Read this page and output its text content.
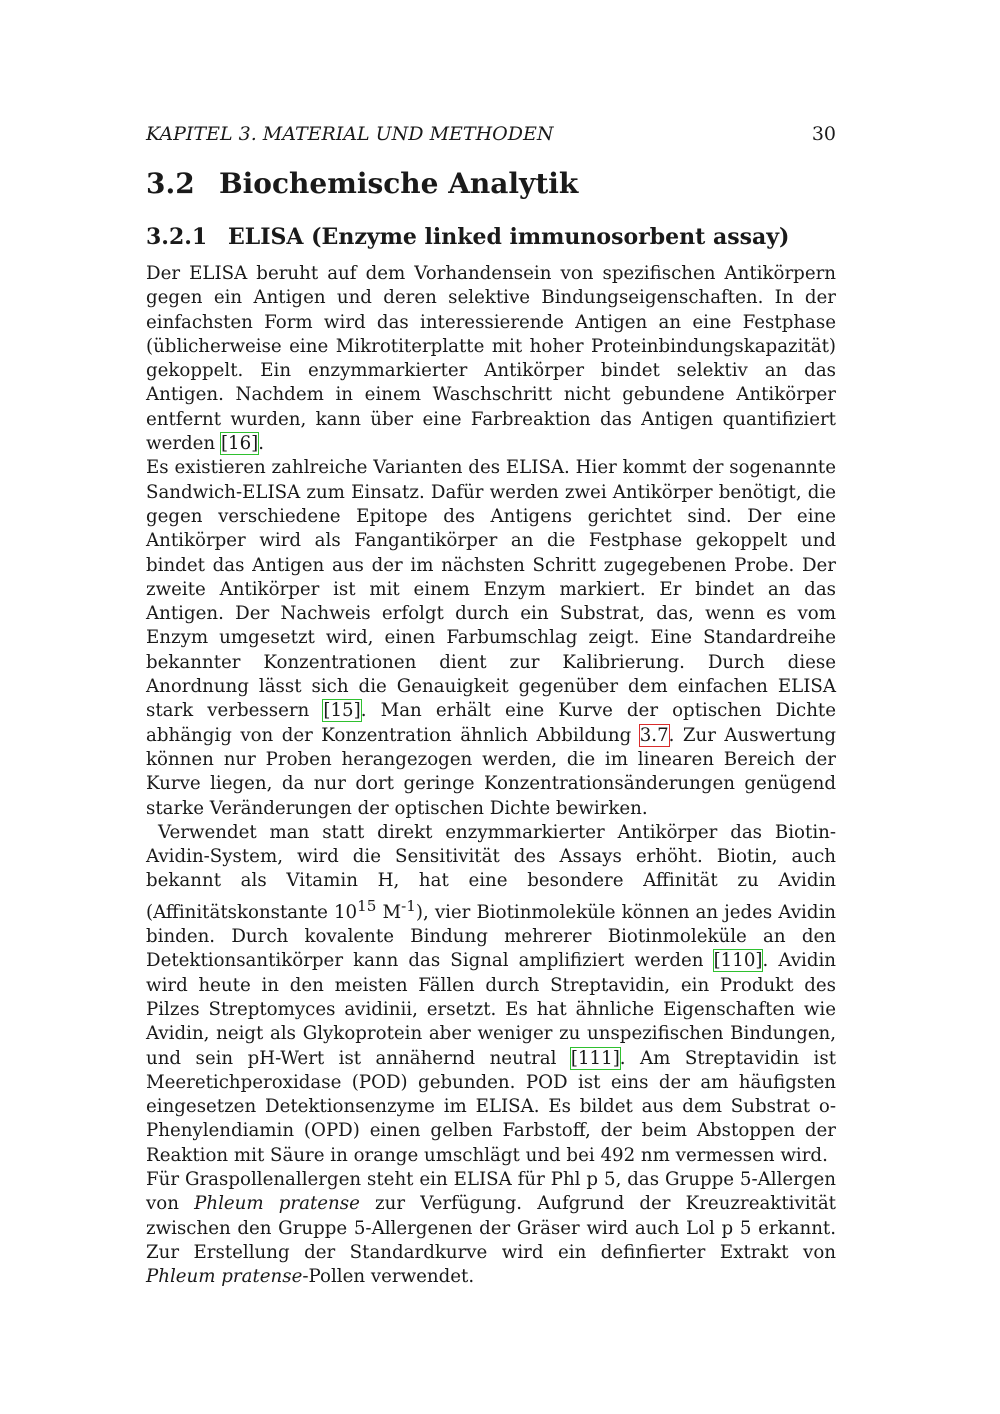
KAPITEL 3. MATERIAL UND METHODEN	30
3.2 Biochemische Analytik
3.2.1 ELISA (Enzyme linked immunosorbent assay)

Der ELISA beruht auf dem Vorhandensein von spezifischen Antikörpern gegen ein Antigen und deren selektive Bindungseigenschaften. In der einfachsten Form wird das interessierende Antigen an eine Festphase (üblicherweise eine Mikrotiterplatte mit hoher Proteinbindungskapazität) gekoppelt. Ein enzymmarkierter Antikörper bindet selektiv an das Antigen. Nachdem in einem Waschschritt nicht gebundene Antikörper entfernt wurden, kann über eine Farbreaktion das Antigen quantifiziert werden [16].

Es existieren zahlreiche Varianten des ELISA. Hier kommt der sogenannte Sandwich-ELISA zum Einsatz. Dafür werden zwei Antikörper benötigt, die gegen verschiedene Epitope des Antigens gerichtet sind. Der eine Antikörper wird als Fangantikörper an die Festphase gekoppelt und bindet das Antigen aus der im nächsten Schritt zugegebenen Probe. Der zweite Antikörper ist mit einem Enzym markiert. Er bindet an das Antigen. Der Nachweis erfolgt durch ein Substrat, das, wenn es vom Enzym umgesetzt wird, einen Farbumschlag zeigt. Eine Standardreihe bekannter Konzentrationen dient zur Kalibrierung. Durch diese Anordnung lässt sich die Genauigkeit gegenüber dem einfachen ELISA stark verbessern [15]. Man erhält eine Kurve der optischen Dichte abhängig von der Konzentration ähnlich Abbildung 3.7. Zur Auswertung können nur Proben herangezogen werden, die im linearen Bereich der Kurve liegen, da nur dort geringe Konzentrationsänderungen genügend starke Veränderungen der optischen Dichte bewirken.

Verwendet man statt direkt enzymmarkierter Antikörper das Biotin-Avidin-System, wird die Sensitivität des Assays erhöht. Biotin, auch bekannt als Vitamin H, hat eine besondere Affinität zu Avidin (Affinitätskonstante $10^{15}$ $M^{-1}$), vier Biotinmoleküle können an jedes Avidin binden. Durch kovalente Bindung mehrerer Biotinmoleküle an den Detektionsantikörper kann das Signal amplifiziert werden [110]. Avidin wird heute in den meisten Fällen durch Streptavidin, ein Produkt des Pilzes Streptomyces avidinii, ersetzt. Es hat ähnliche Eigenschaften wie Avidin, neigt als Glykoprotein aber weniger zu unspezifischen Bindungen, und sein pH-Wert ist annähernd neutral [111]. Am Streptavidin ist Meeretichperoxidase (POD) gebunden. POD ist eins der am häufigsten eingesetzen Detektionsenzyme im ELISA. Es bildet aus dem Substrat o-Phenylendiamin (OPD) einen gelben Farbstoff, der beim Abstoppen der Reaktion mit Säure in orange umschlägt und bei 492 nm vermessen wird.

Für Graspollenallergen steht ein ELISA für Phl p 5, das Gruppe 5-Allergen von Phleum pratense zur Verfügung. Aufgrund der Kreuzreaktivität zwischen den Gruppe 5-Allergenen der Gräser wird auch Lol p 5 erkannt. Zur Erstellung der Standardkurve wird ein definfierter Extrakt von Phleum pratense-Pollen verwendet.
